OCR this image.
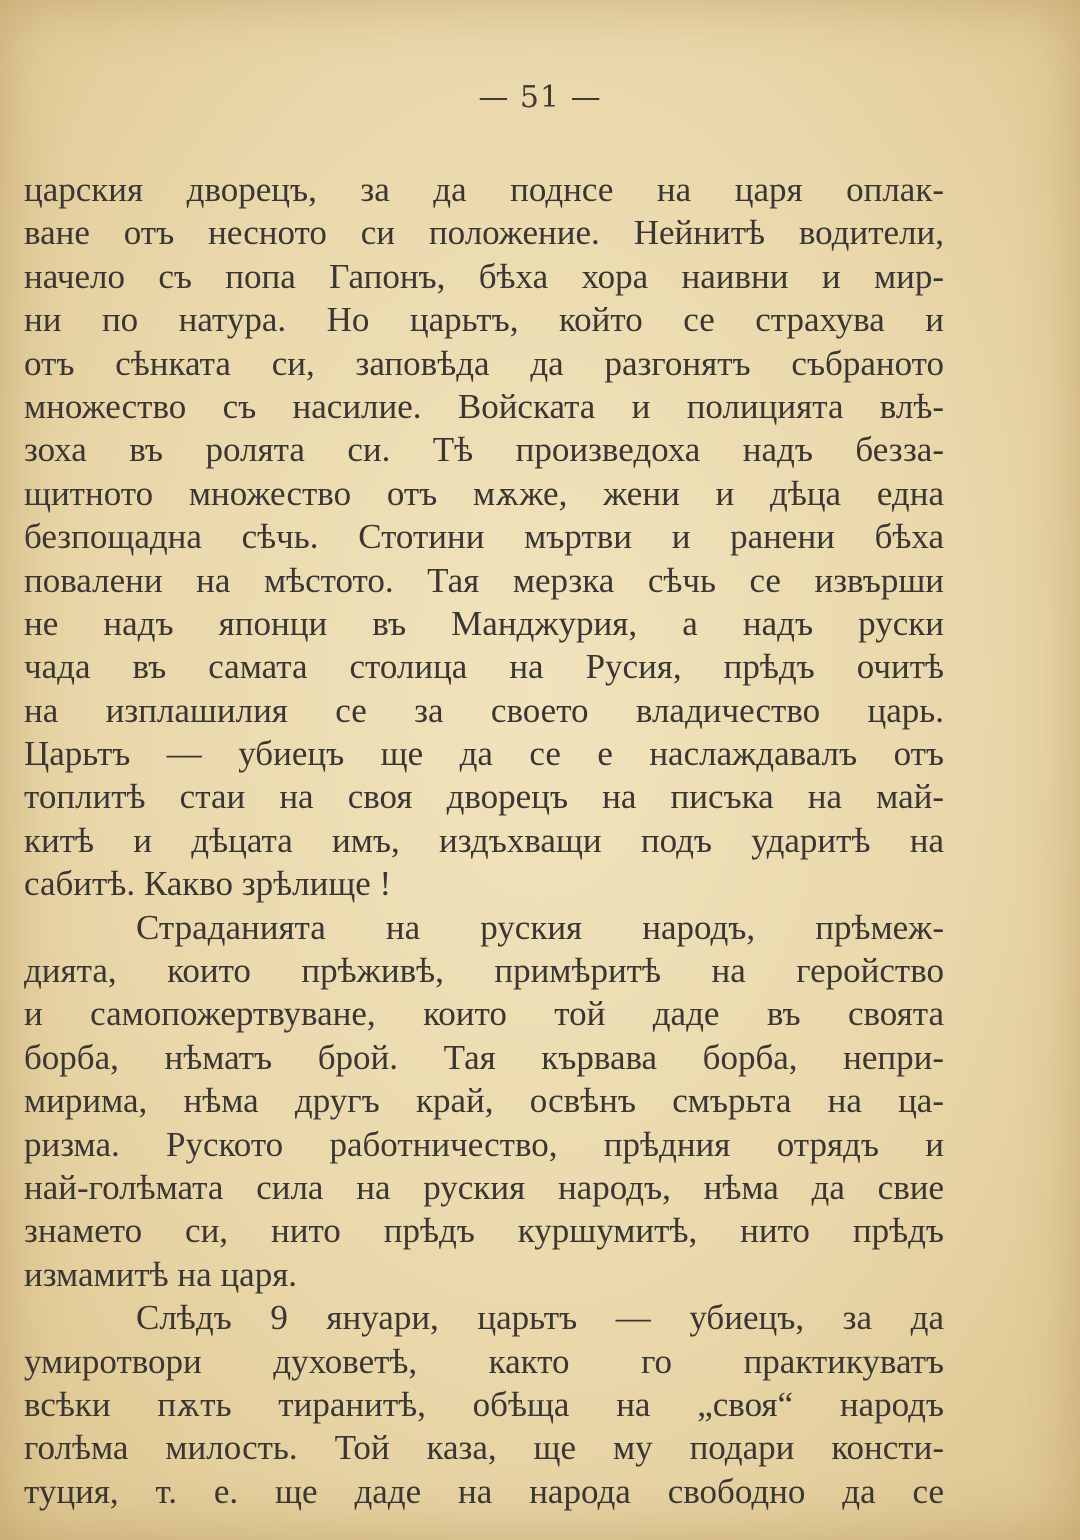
— 51 —
царския дворецъ, за да поднсе на царя оплак-
ване отъ несното си положение. Нейнитѣ водители,
начело съ попа Гапонъ, бѣха хора наивни и мир-
ни по натура. Но царьтъ, който се страхува и
отъ сѣнката си, заповѣда да разгонятъ събраното
множество съ насилие. Войската и полицията влѣ-
зоха въ ролята си. Тѣ произведоха надъ безза-
щитното множество отъ мѫже, жени и дѣца една
безпощадна сѣчь. Стотини мъртви и ранени бѣха
повалени на мѣстото. Тая мерзка сѣчь се извърши
не надъ японци въ Манджурия, а надъ руски
чада въ самата столица на Русия, прѣдъ очитѣ
на изплашилия се за своето владичество царь.
Царьтъ — убиецъ ще да се е наслаждавалъ отъ
топлитѣ стаи на своя дворецъ на писъка на май-
китѣ и дѣцата имъ, издъхващи подъ ударитѣ на
сабитѣ. Какво зрѣлище !
Страданията на руския народъ, прѣмеж-
дията, които прѣживѣ, примѣритѣ на геройство
и самопожертвуване, които той даде въ своята
борба, нѣматъ брой. Тая кървава борба, непри-
мирима, нѣма другъ край, освѣнъ смърьта на ца-
ризма. Руското работничество, прѣдния отрядъ и
най-голѣмата сила на руския народъ, нѣма да свие
знамето си, нито прѣдъ куршумитѣ, нито прѣдъ
измамитѣ на царя.
Слѣдъ 9 януари, царьтъ — убиецъ, за да
умиротвори духоветѣ, както го практикуватъ
всѣки пѫть тиранитѣ, обѣща на „своя“ народъ
голѣма милость. Той каза, ще му подари консти-
туция, т. е. ще даде на народа свободно да се
